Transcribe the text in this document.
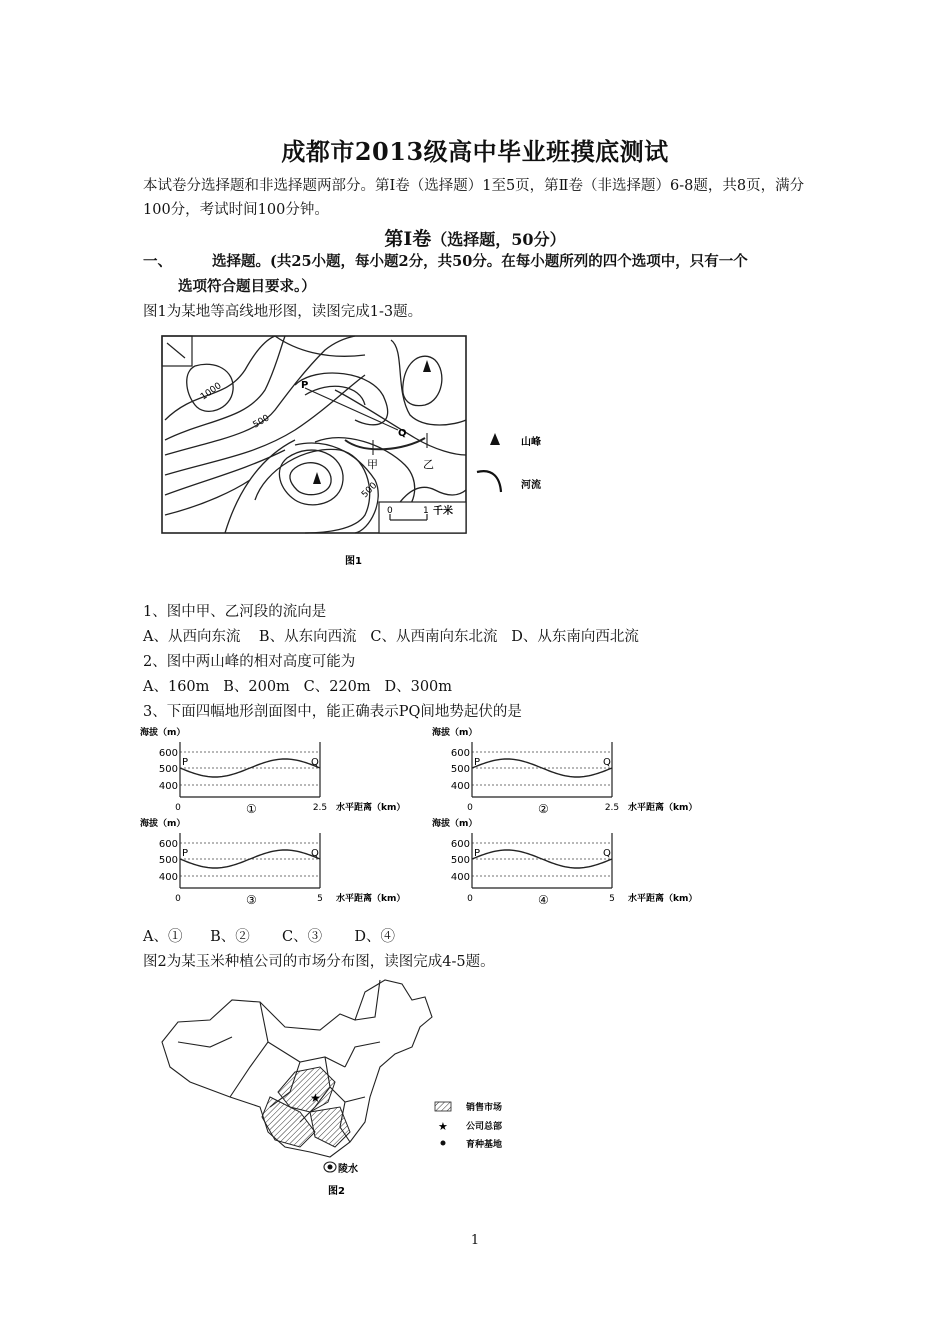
成都市2013级高中毕业班摸底测试
本试卷分选择题和非选择题两部分。第Ⅰ卷（选择题）1至5页，第Ⅱ卷（非选择题）6-8题，共8页，满分100分，考试时间100分钟。
第Ⅰ卷（选择题，50分）
一、	选择题。(共25小题，每小题2分，共50分。在每小题所列的四个选项中，只有一个
选项符合题目要求。）
图1为某地等高线地形图，读图完成1-3题。
1000
500
500
P
Q
甲	乙
0	1 千米
山峰
河流
图1
1、图中甲、乙河段的流向是
A、从西向东流    B、从东向西流   C、从西南向东北流   D、从东南向西北流
2、图中两山峰的相对高度可能为
A、160m   B、200m   C、220m   D、300m
3、下面四幅地形剖面图中，能正确表示PQ间地势起伏的是
海拔（m）
600
500
400
P	Q
0	2.5 水平距离（km）
①
海拔（m）
600
500
400
P	Q
0	2.5 水平距离（km）
②
海拔（m）
600
500
400
P	Q
0	5 水平距离（km）
③
海拔（m）
600
500
400
P	Q
0	5 水平距离（km）
④
A、①      B、②       C、③       D、④
图2为某玉米种植公司的市场分布图，读图完成4-5题。
★
陵水
销售市场
★ 公司总部
育种基地
图2
1
